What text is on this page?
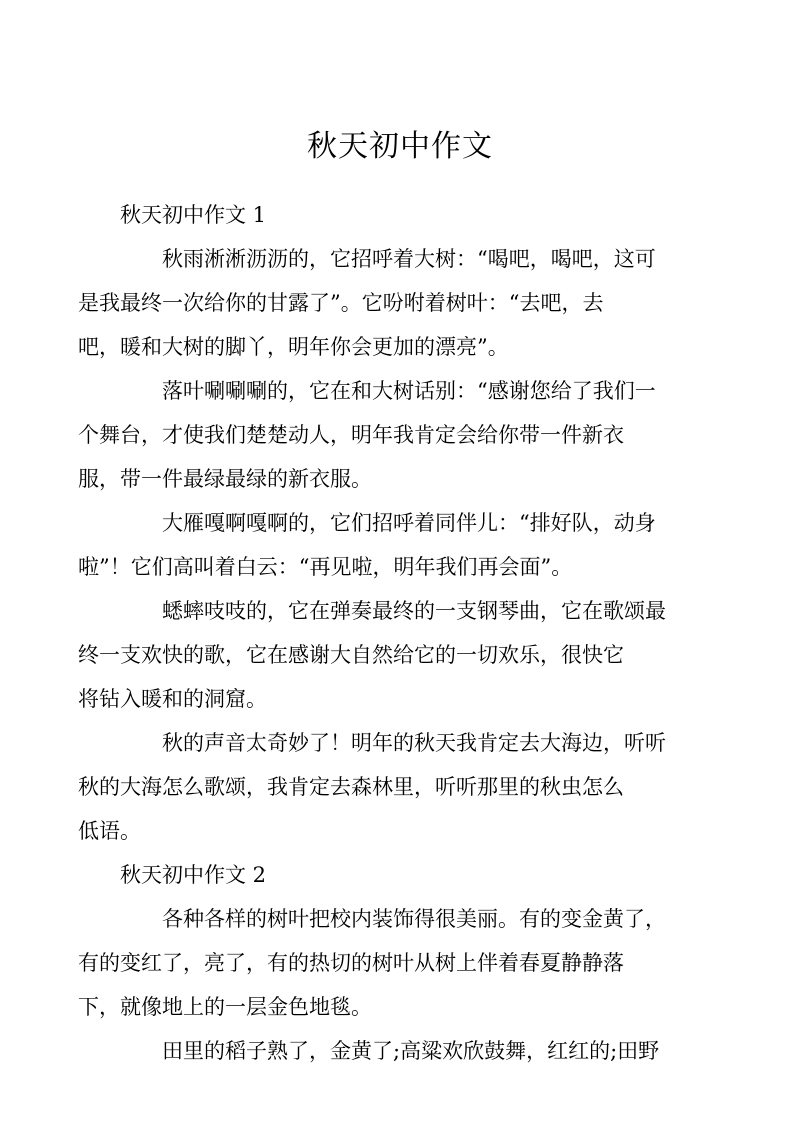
秋天初中作文
秋天初中作文 1

秋雨淅淅沥沥的，它招呼着大树：“喝吧，喝吧，这可
是我最终一次给你的甘露了”。它吩咐着树叶：“去吧，去
吧，暖和大树的脚丫，明年你会更加的漂亮”。

落叶唰唰唰的，它在和大树话别：“感谢您给了我们一
个舞台，才使我们楚楚动人，明年我肯定会给你带一件新衣
服，带一件最绿最绿的新衣服。

大雁嘎啊嘎啊的，它们招呼着同伴儿：“排好队，动身
啦”！它们高叫着白云：“再见啦，明年我们再会面”。

蟋蟀吱吱的，它在弹奏最终的一支钢琴曲，它在歌颂最
终一支欢快的歌，它在感谢大自然给它的一切欢乐，很快它
将钻入暖和的洞窟。

秋的声音太奇妙了！明年的秋天我肯定去大海边，听听
秋的大海怎么歌颂，我肯定去森林里，听听那里的秋虫怎么
低语。

秋天初中作文 2

各种各样的树叶把校内装饰得很美丽。有的变金黄了，
有的变红了，亮了，有的热切的树叶从树上伴着春夏静静落
下，就像地上的一层金色地毯。

田里的稻子熟了，金黄了;高粱欢欣鼓舞，红红的;田野
